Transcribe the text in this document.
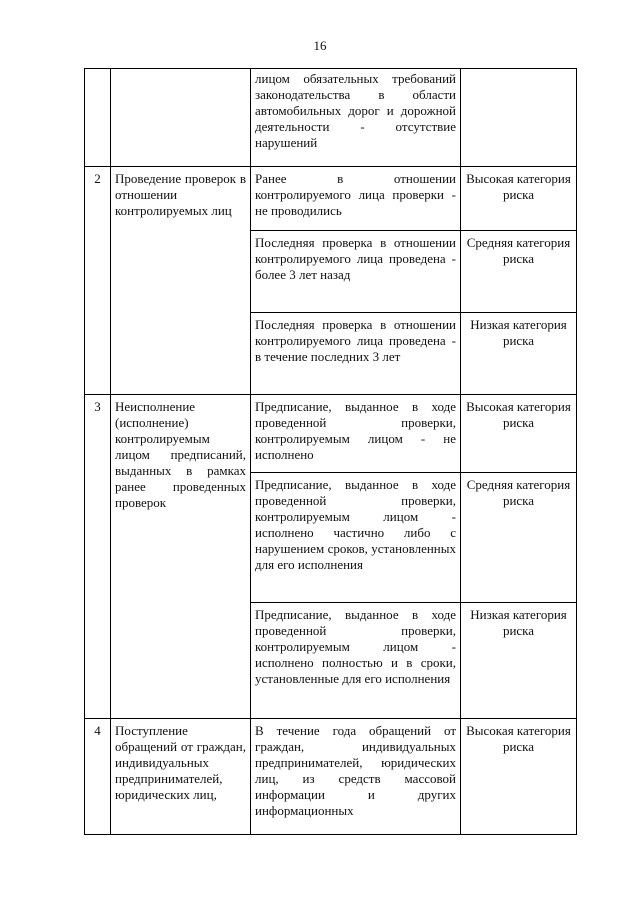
16
		лицом обязательных требований законодательства в области автомобильных дорог и дорожной деятельности - отсутствие нарушений	
2	Проведение проверок в отношении контролируемых лиц	Ранее в отношении контролируемого лица проверки - не проводились	Высокая категория риска
		Последняя проверка в отношении контролируемого лица проведена - более 3 лет назад	Средняя категория риска
		Последняя проверка в отношении контролируемого лица проведена - в течение последних 3 лет	Низкая категория риска
3	Неисполнение (исполнение) контролируемым лицом предписаний, выданных в рамках ранее проведенных проверок	Предписание, выданное в ходе проведенной проверки, контролируемым лицом - не исполнено	Высокая категория риска
		Предписание, выданное в ходе проведенной проверки, контролируемым лицом - исполнено частично либо с нарушением сроков, установленных для его исполнения	Средняя категория риска
		Предписание, выданное в ходе проведенной проверки, контролируемым лицом - исполнено полностью и в сроки, установленные для его исполнения	Низкая категория риска
4	Поступление обращений от граждан, индивидуальных предпринимателей, юридических лиц,	В течение года обращений от граждан, индивидуальных предпринимателей, юридических лиц, из средств массовой информации и других информационных	Высокая категория риска
